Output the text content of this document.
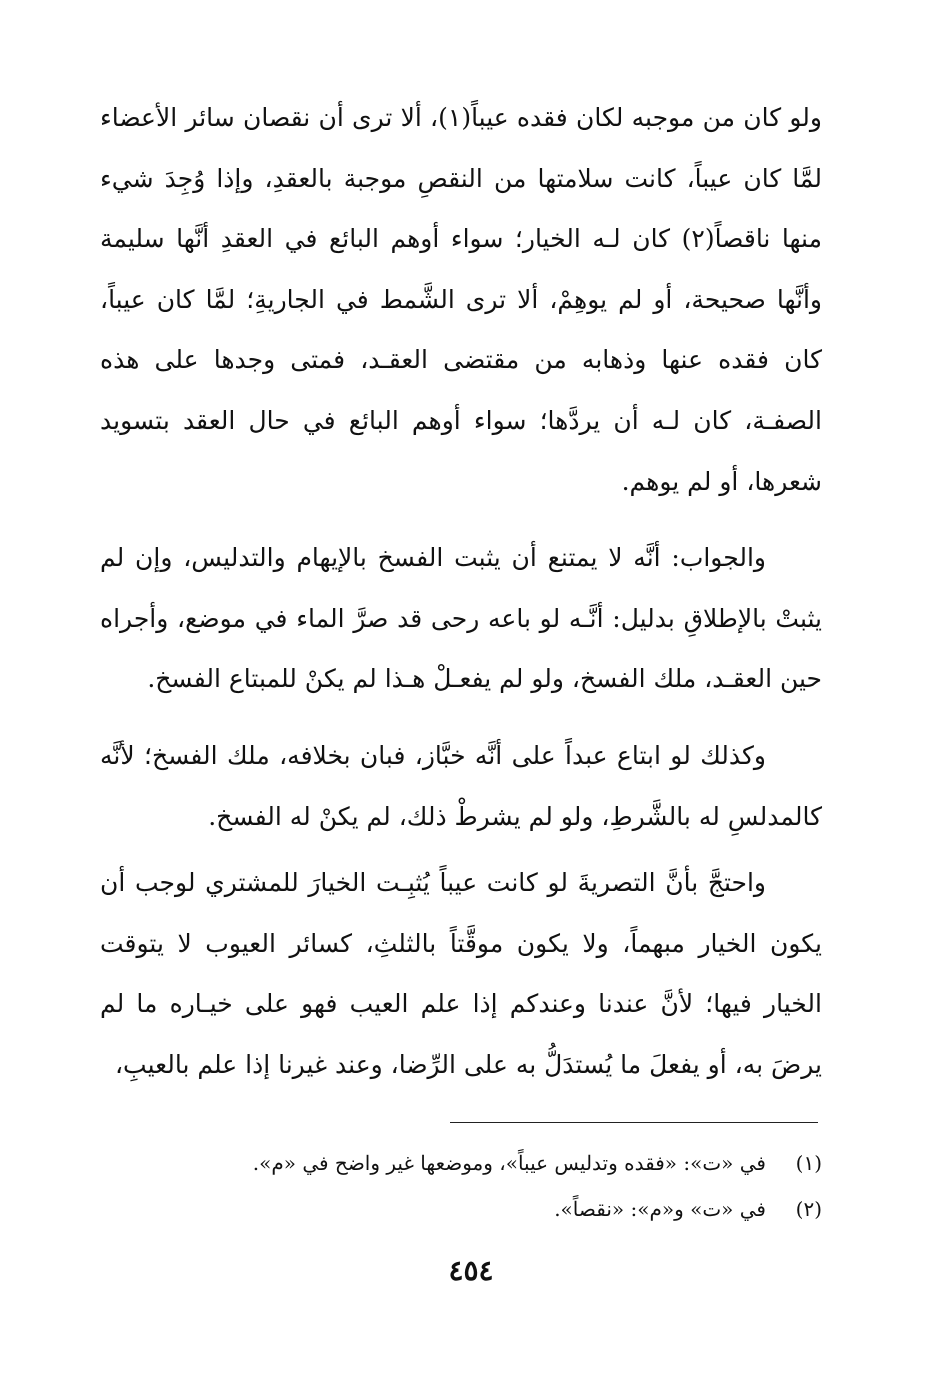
ولو كان من موجبه لكان فقده عيباً(١)، ألا ترى أن نقصان سائر الأعضاء لمَّا كان عيباً، كانت سلامتها من النقصِ موجبة بالعقدِ، وإذا وُجِدَ شيء منها ناقصاً(٢) كان لـه الخيار؛ سواء أوهم البائع في العقدِ أنَّها سليمة وأنَّها صحيحة، أو لم يوهِمْ، ألا ترى الشَّمط في الجاريةِ؛ لمَّا كان عيباً، كان فقده عنها وذهابه من مقتضى العقـد، فمتى وجدها على هذه الصفـة، كان لـه أن يردَّها؛ سواء أوهم البائع في حال العقد بتسويد شعرها، أو لم يوهم.

والجواب: أنَّه لا يمتنع أن يثبت الفسخ بالإيهام والتدليس، وإن لم يثبتْ بالإطلاقِ بدليل: أنَّـه لو باعه رحى قد صرَّ الماء في موضع، وأجراه حين العقـد، ملك الفسخ، ولو لم يفعـلْ هـذا لم يكنْ للمبتاع الفسخ.

وكذلك لو ابتاع عبداً على أنَّه خبَّاز، فبان بخلافه، ملك الفسخ؛ لأنَّه كالمدلسِ له بالشَّرطِ، ولو لم يشرطْ ذلك، لم يكنْ له الفسخ.

واحتجَّ بأنَّ التصريةَ لو كانت عيباً يُثبِـت الخيارَ للمشتري لوجب أن يكون الخيار مبهماً، ولا يكون موقَّتاً بالثلثِ، كسائر العيوب لا يتوقت الخيار فيها؛ لأنَّ عندنا وعندكم إذا علم العيب فهو على خيـاره ما لم يرضَ به، أو يفعلَ ما يُستدَلُّ به على الرِّضا، وعند غيرنا إذا علم بالعيبِ،

(١)في «ت»: «فقده وتدليس عيباً»، وموضعها غير واضح في «م».
(٢)في «ت» و«م»: «نقصاً».
٤٥٤
